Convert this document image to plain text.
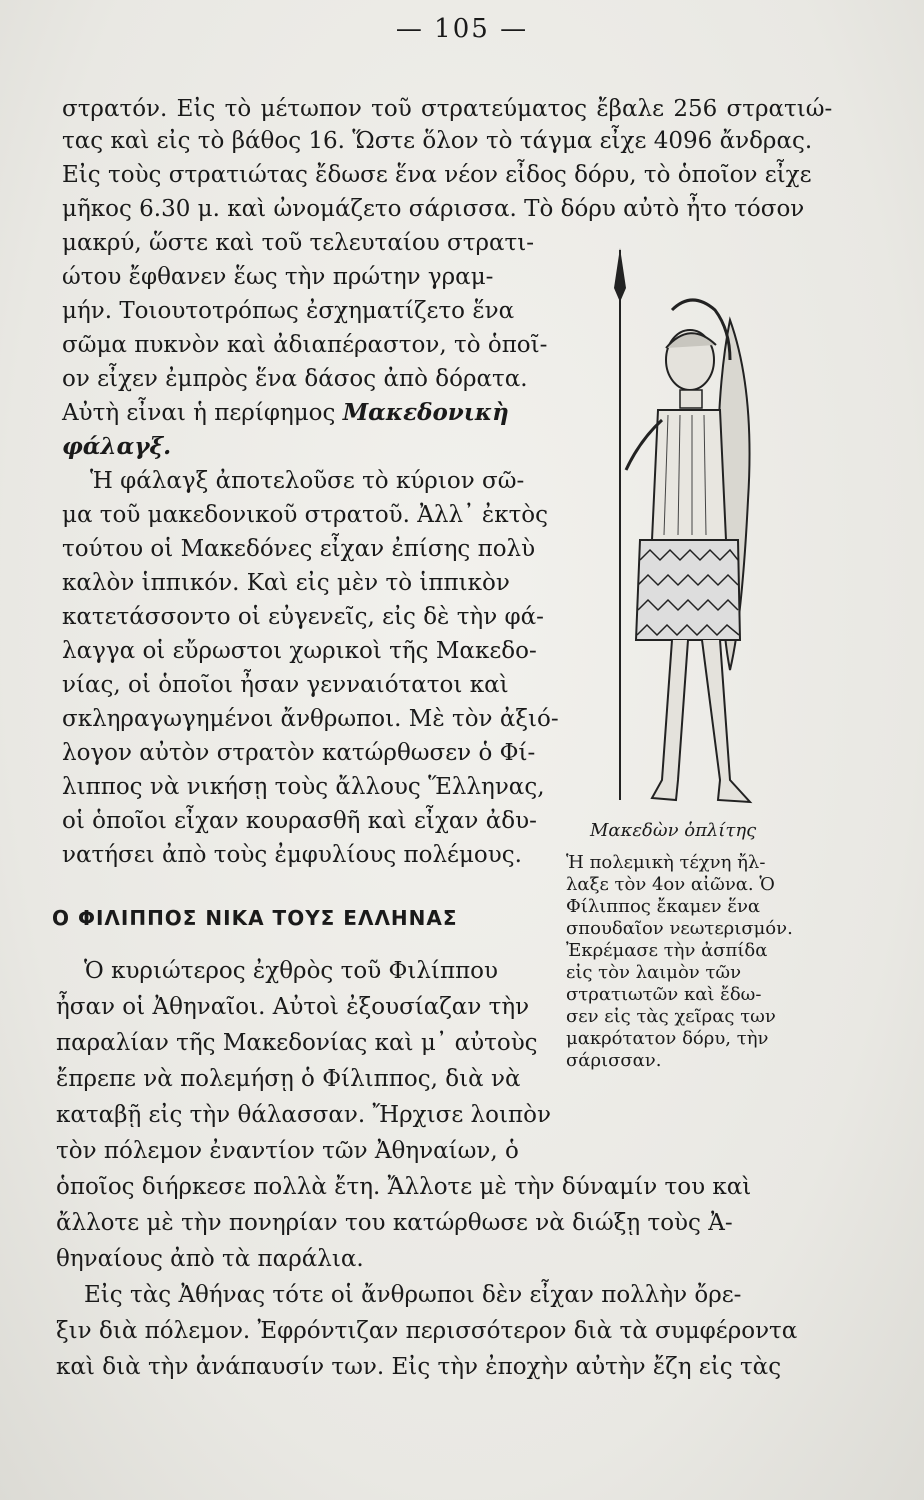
— 105 —
στρατόν. Εἰς τὸ μέτωπον τοῦ στρατεύματος ἔβαλε 256 στρατιώ-
τας καὶ εἰς τὸ βάθος 16. Ὥστε ὅλον τὸ τάγμα εἶχε 4096 ἄνδρας.
Εἰς τοὺς στρατιώτας ἔδωσε ἕνα νέον εἶδος δόρυ, τὸ ὁποῖον εἶχε
μῆκος 6.30 μ. καὶ ὠνομάζετο σάρισσα. Τὸ δόρυ αὐτὸ ἦτο τόσον
μακρύ, ὥστε καὶ τοῦ τελευταίου στρατι-
ώτου ἔφθανεν ἕως τὴν πρώτην γραμ-
μήν. Τοιουτοτρόπως ἐσχηματίζετο ἕνα
σῶμα πυκνὸν καὶ ἀδιαπέραστον, τὸ ὁποῖ-
ον εἶχεν ἐμπρὸς ἕνα δάσος ἀπὸ δόρατα.
Αὐτὴ εἶναι ἡ περίφημος Μακεδονικὴ
φάλαγξ.
Ἡ φάλαγξ ἀποτελοῦσε τὸ κύριον σῶ-
μα τοῦ μακεδονικοῦ στρατοῦ. Ἀλλ᾽ ἐκτὸς
τούτου οἱ Μακεδόνες εἶχαν ἐπίσης πολὺ
καλὸν ἱππικόν. Καὶ εἰς μὲν τὸ ἱππικὸν
κατετάσσοντο οἱ εὐγενεῖς, εἰς δὲ τὴν φά-
λαγγα οἱ εὔρωστοι χωρικοὶ τῆς Μακεδο-
νίας, οἱ ὁποῖοι ἦσαν γενναιότατοι καὶ
σκληραγωγημένοι ἄνθρωποι. Μὲ τὸν ἀξιό-
λογον αὐτὸν στρατὸν κατώρθωσεν ὁ Φί-
λιππος νὰ νικήσῃ τοὺς ἄλλους Ἕλληνας,
οἱ ὁποῖοι εἶχαν κουρασθῆ καὶ εἶχαν ἀδυ-
νατήσει ἀπὸ τοὺς ἐμφυλίους πολέμους.
Μακεδὼν ὁπλίτης
Ἡ πολεμικὴ τέχνη ἤλ-
λαξε τὸν 4ον αἰῶνα. Ὁ
Φίλιππος ἔκαμεν ἕνα
σπουδαῖον νεωτερισμόν.
Ἐκρέμασε τὴν ἀσπίδα
εἰς τὸν λαιμὸν τῶν
στρατιωτῶν καὶ ἔδω-
σεν εἰς τὰς χεῖρας των
μακρότατον δόρυ, τὴν
σάρισσαν.
Ο ΦΙΛΙΠΠΟΣ ΝΙΚΑ ΤΟΥΣ ΕΛΛΗΝΑΣ
Ὁ κυριώτερος ἐχθρὸς τοῦ Φιλίππου
ἦσαν οἱ Ἀθηναῖοι. Αὐτοὶ ἐξουσίαζαν τὴν
παραλίαν τῆς Μακεδονίας καὶ μ᾽ αὐτοὺς
ἔπρεπε νὰ πολεμήσῃ ὁ Φίλιππος, διὰ νὰ
καταβῇ εἰς τὴν θάλασσαν. Ἤρχισε λοιπὸν
τὸν πόλεμον ἐναντίον τῶν Ἀθηναίων, ὁ
ὁποῖος διήρκεσε πολλὰ ἔτη. Ἄλλοτε μὲ τὴν δύναμίν του καὶ
ἄλλοτε μὲ τὴν πονηρίαν του κατώρθωσε νὰ διώξῃ τοὺς Ἀ-
θηναίους ἀπὸ τὰ παράλια.
Εἰς τὰς Ἀθήνας τότε οἱ ἄνθρωποι δὲν εἶχαν πολλὴν ὄρε-
ξιν διὰ πόλεμον. Ἐφρόντιζαν περισσότερον διὰ τὰ συμφέροντα
καὶ διὰ τὴν ἀνάπαυσίν των. Εἰς τὴν ἐποχὴν αὐτὴν ἔζη εἰς τὰς
